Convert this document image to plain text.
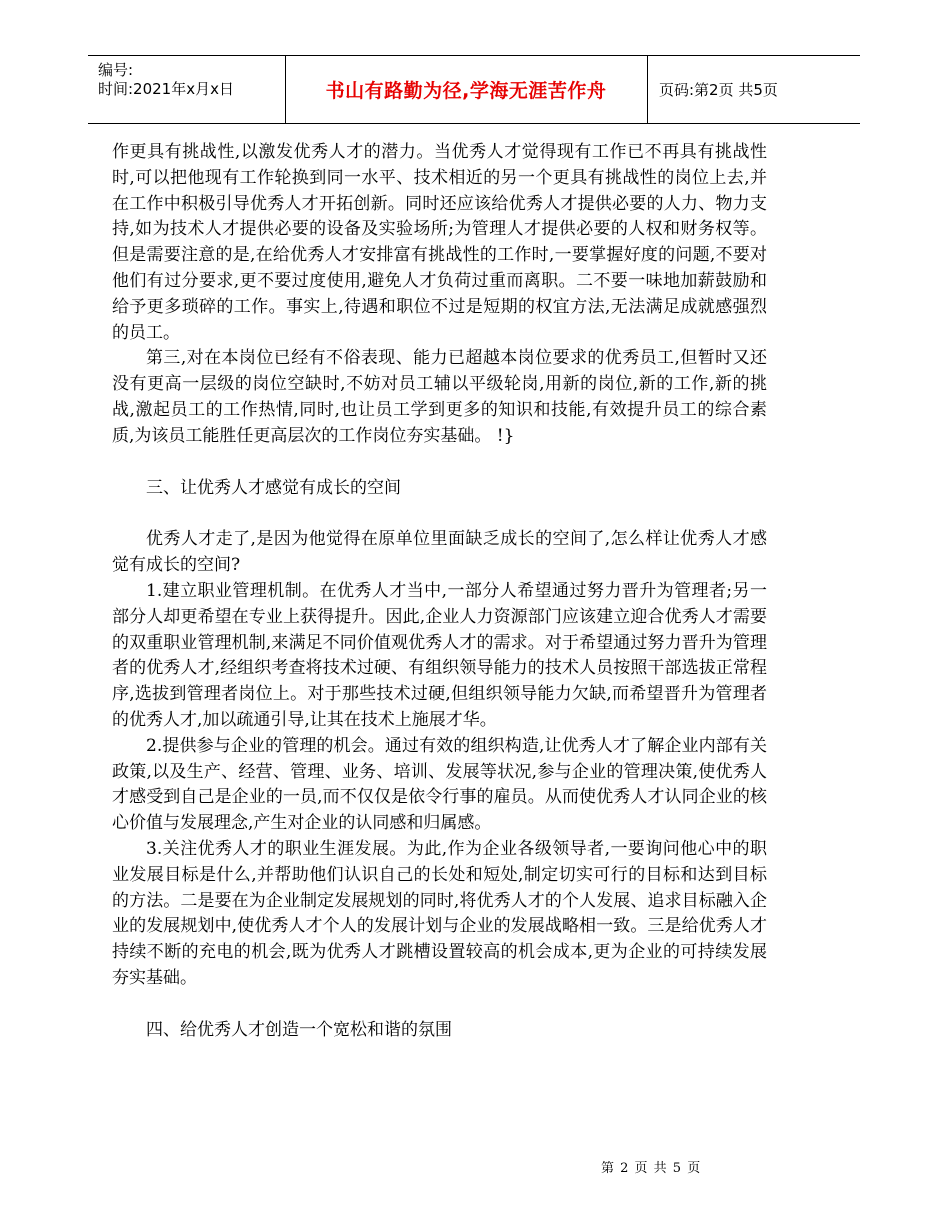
编号:
时间:2021年x月x日	书山有路勤为径,学海无涯苦作舟	页码:第2页 共5页

作更具有挑战性,以激发优秀人才的潜力。当优秀人才觉得现有工作已不再具有挑战性时,可以把他现有工作轮换到同一水平、技术相近的另一个更具有挑战性的岗位上去,并在工作中积极引导优秀人才开拓创新。同时还应该给优秀人才提供必要的人力、物力支持,如为技术人才提供必要的设备及实验场所;为管理人才提供必要的人权和财务权等。但是需要注意的是,在给优秀人才安排富有挑战性的工作时,一要掌握好度的问题,不要对他们有过分要求,更不要过度使用,避免人才负荷过重而离职。二不要一味地加薪鼓励和给予更多琐碎的工作。事实上,待遇和职位不过是短期的权宜方法,无法满足成就感强烈的员工。

第三,对在本岗位已经有不俗表现、能力已超越本岗位要求的优秀员工,但暂时又还没有更高一层级的岗位空缺时,不妨对员工辅以平级轮岗,用新的岗位,新的工作,新的挑战,激起员工的工作热情,同时,也让员工学到更多的知识和技能,有效提升员工的综合素质,为该员工能胜任更高层次的工作岗位夯实基础。 !}

三、让优秀人才感觉有成长的空间

优秀人才走了,是因为他觉得在原单位里面缺乏成长的空间了,怎么样让优秀人才感觉有成长的空间?

1.建立职业管理机制。在优秀人才当中,一部分人希望通过努力晋升为管理者;另一部分人却更希望在专业上获得提升。因此,企业人力资源部门应该建立迎合优秀人才需要的双重职业管理机制,来满足不同价值观优秀人才的需求。对于希望通过努力晋升为管理者的优秀人才,经组织考查将技术过硬、有组织领导能力的技术人员按照干部选拔正常程序,选拔到管理者岗位上。对于那些技术过硬,但组织领导能力欠缺,而希望晋升为管理者的优秀人才,加以疏通引导,让其在技术上施展才华。

2.提供参与企业的管理的机会。通过有效的组织构造,让优秀人才了解企业内部有关政策,以及生产、经营、管理、业务、培训、发展等状况,参与企业的管理决策,使优秀人才感受到自己是企业的一员,而不仅仅是依令行事的雇员。从而使优秀人才认同企业的核心价值与发展理念,产生对企业的认同感和归属感。

3.关注优秀人才的职业生涯发展。为此,作为企业各级领导者,一要询问他心中的职业发展目标是什么,并帮助他们认识自己的长处和短处,制定切实可行的目标和达到目标的方法。二是要在为企业制定发展规划的同时,将优秀人才的个人发展、追求目标融入企业的发展规划中,使优秀人才个人的发展计划与企业的发展战略相一致。三是给优秀人才持续不断的充电的机会,既为优秀人才跳槽设置较高的机会成本,更为企业的可持续发展夯实基础。

四、给优秀人才创造一个宽松和谐的氛围

第 2 页 共 5 页
